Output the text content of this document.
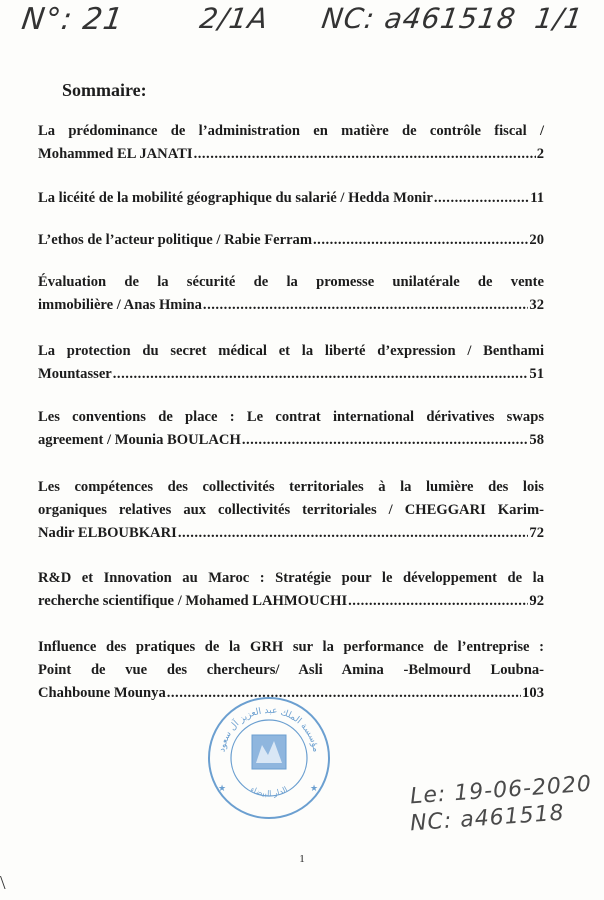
N°: 21	2/1A NC: a461518 1/1
Sommaire:
La prédominance de l’administration en matière de contrôle fiscal /
Mohammed EL JANATI .....	2
La licéité de la mobilité géographique du salarié / Hedda Monir .....	11
L’ethos de l’acteur politique / Rabie Ferram .....	20
Évaluation de la sécurité de la promesse unilatérale de vente
immobilière / Anas Hmina .....	32
La protection du secret médical et la liberté d’expression / Benthami
Mountasser .....	51
Les conventions de place : Le contrat international dérivatives swaps
agreement / Mounia BOULACH .....	58
Les compétences des collectivités territoriales à la lumière des lois
organiques relatives aux collectivités territoriales / CHEGGARI Karim-
Nadir ELBOUBKARI .....	72
R&D et Innovation au Maroc : Stratégie pour le développement de la
recherche scientifique / Mohamed LAHMOUCHI .....	92
Influence des pratiques de la GRH sur la performance de l’entreprise :
Point de vue des chercheurs/ Asli Amina -Belmourd Loubna-
Chahboune Mounya .....	103
مؤسسة الملك عبد العزيز آل سعود
الدار البيضاء
★	★	Le: 19-06-2020
NC: a461518
1
\
